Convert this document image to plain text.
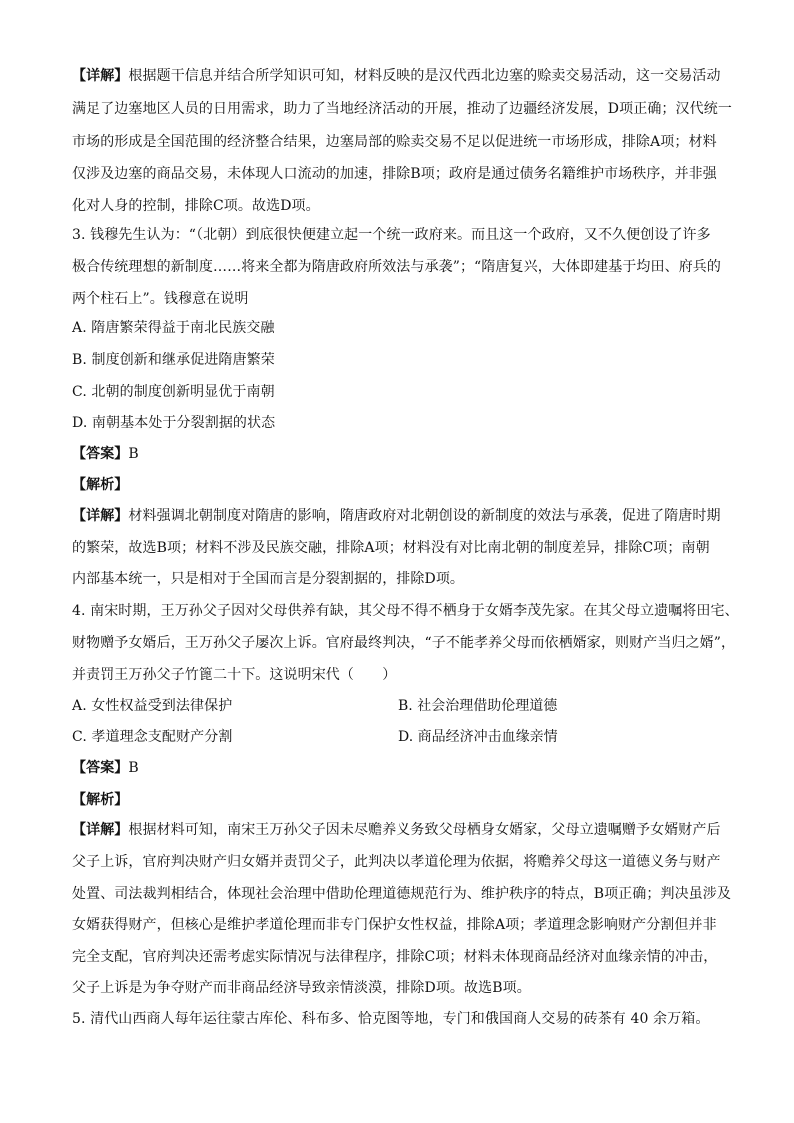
【详解】根据题干信息并结合所学知识可知，材料反映的是汉代西北边塞的赊卖交易活动，这一交易活动
满足了边塞地区人员的日用需求，助力了当地经济活动的开展，推动了边疆经济发展，D项正确；汉代统一
市场的形成是全国范围的经济整合结果，边塞局部的赊卖交易不足以促进统一市场形成，排除A项；材料
仅涉及边塞的商品交易，未体现人口流动的加速，排除B项；政府是通过债务名籍维护市场秩序，并非强
化对人身的控制，排除C项。故选D项。
3. 钱穆先生认为：“（北朝）到底很快便建立起一个统一政府来。而且这一个政府，又不久便创设了许多
极合传统理想的新制度……将来全都为隋唐政府所效法与承袭”；“隋唐复兴，大体即建基于均田、府兵的
两个柱石上”。钱穆意在说明
A. 隋唐繁荣得益于南北民族交融
B. 制度创新和继承促进隋唐繁荣
C. 北朝的制度创新明显优于南朝
D. 南朝基本处于分裂割据的状态
【答案】B
【解析】
【详解】材料强调北朝制度对隋唐的影响，隋唐政府对北朝创设的新制度的效法与承袭，促进了隋唐时期
的繁荣，故选B项；材料不涉及民族交融，排除A项；材料没有对比南北朝的制度差异，排除C项；南朝
内部基本统一，只是相对于全国而言是分裂割据的，排除D项。
4. 南宋时期，王万孙父子因对父母供养有缺，其父母不得不栖身于女婿李茂先家。在其父母立遗嘱将田宅、
财物赠予女婿后，王万孙父子屡次上诉。官府最终判决，“子不能孝养父母而依栖婿家，则财产当归之婿”，
并责罚王万孙父子竹篦二十下。这说明宋代（　　）
A. 女性权益受到法律保护	B. 社会治理借助伦理道德
C. 孝道理念支配财产分割	D. 商品经济冲击血缘亲情
【答案】B
【解析】
【详解】根据材料可知，南宋王万孙父子因未尽赡养义务致父母栖身女婿家，父母立遗嘱赠予女婿财产后
父子上诉，官府判决财产归女婿并责罚父子，此判决以孝道伦理为依据，将赡养父母这一道德义务与财产
处置、司法裁判相结合，体现社会治理中借助伦理道德规范行为、维护秩序的特点，B项正确；判决虽涉及
女婿获得财产，但核心是维护孝道伦理而非专门保护女性权益，排除A项；孝道理念影响财产分割但并非
完全支配，官府判决还需考虑实际情况与法律程序，排除C项；材料未体现商品经济对血缘亲情的冲击，
父子上诉是为争夺财产而非商品经济导致亲情淡漠，排除D项。故选B项。
5. 清代山西商人每年运往蒙古库伦、科布多、恰克图等地，专门和俄国商人交易的砖茶有 40 余万箱。
